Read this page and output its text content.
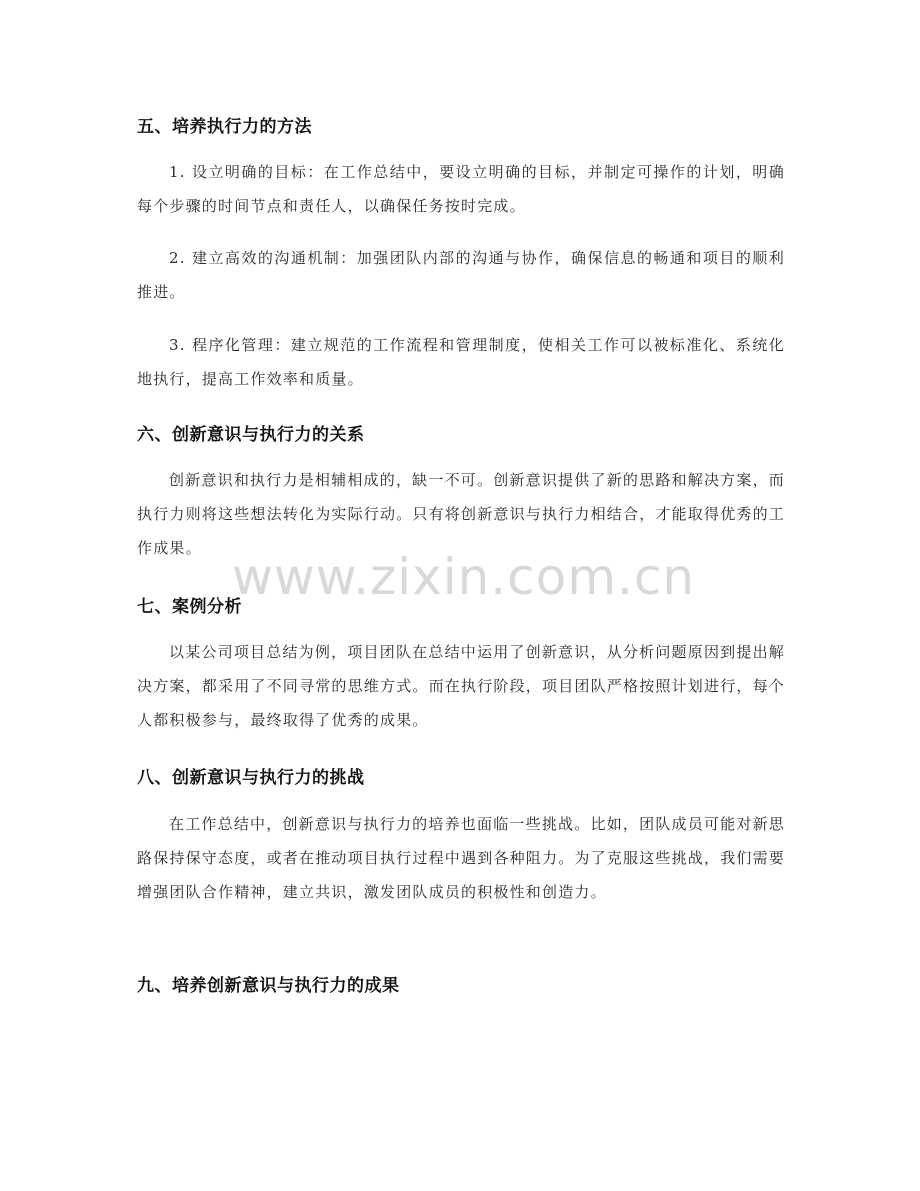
五、培养执行力的方法
1. 设立明确的目标：在工作总结中，要设立明确的目标，并制定可操作的计划，明确每个步骤的时间节点和责任人，以确保任务按时完成。
2. 建立高效的沟通机制：加强团队内部的沟通与协作，确保信息的畅通和项目的顺利推进。
3. 程序化管理：建立规范的工作流程和管理制度，使相关工作可以被标准化、系统化地执行，提高工作效率和质量。
六、创新意识与执行力的关系
创新意识和执行力是相辅相成的，缺一不可。创新意识提供了新的思路和解决方案，而执行力则将这些想法转化为实际行动。只有将创新意识与执行力相结合，才能取得优秀的工作成果。
七、案例分析
以某公司项目总结为例，项目团队在总结中运用了创新意识，从分析问题原因到提出解决方案，都采用了不同寻常的思维方式。而在执行阶段，项目团队严格按照计划进行，每个人都积极参与，最终取得了优秀的成果。
八、创新意识与执行力的挑战
在工作总结中，创新意识与执行力的培养也面临一些挑战。比如，团队成员可能对新思路保持保守态度，或者在推动项目执行过程中遇到各种阻力。为了克服这些挑战，我们需要增强团队合作精神，建立共识，激发团队成员的积极性和创造力。
九、培养创新意识与执行力的成果
www.zixin.com.cn
